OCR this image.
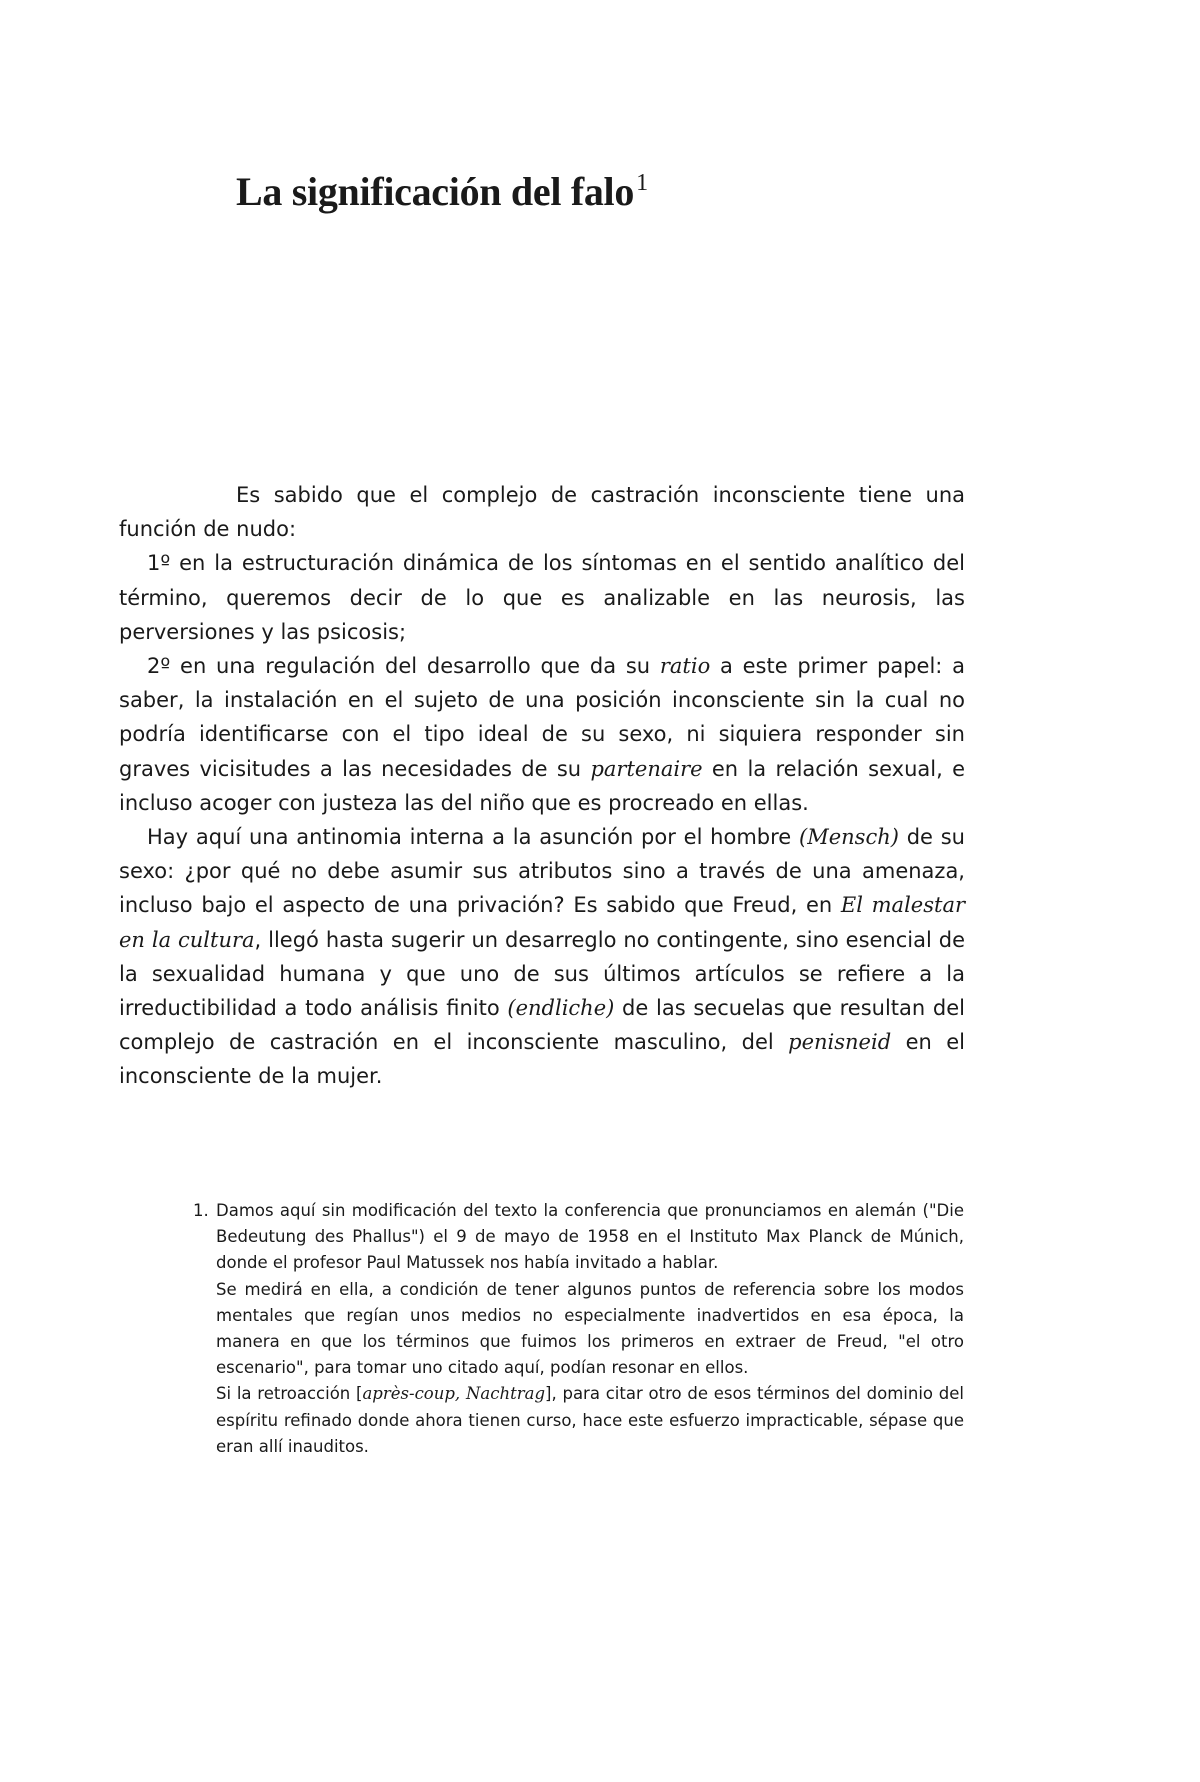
La significación del falo$^1$

Es sabido que el complejo de castración inconsciente tiene una función de nudo:

1º en la estructuración dinámica de los síntomas en el sentido analítico del término, queremos decir de lo que es analizable en las neurosis, las perversiones y las psicosis;

2º en una regulación del desarrollo que da su ratio a este primer papel: a saber, la instalación en el sujeto de una posición inconsciente sin la cual no podría identificarse con el tipo ideal de su sexo, ni siquiera responder sin graves vicisitudes a las necesidades de su partenaire en la relación sexual, e incluso acoger con justeza las del niño que es procreado en ellas.

Hay aquí una antinomia interna a la asunción por el hombre (Mensch) de su sexo: ¿por qué no debe asumir sus atributos sino a través de una amenaza, incluso bajo el aspecto de una privación? Es sabido que Freud, en El malestar en la cultura, llegó hasta sugerir un desarreglo no contingente, sino esencial de la sexualidad humana y que uno de sus últimos artículos se refiere a la irreductibilidad a todo análisis finito (endliche) de las secuelas que resultan del complejo de castración en el inconsciente masculino, del penisneid en el inconsciente de la mujer.

1. Damos aquí sin modificación del texto la conferencia que pronunciamos en alemán ("Die Bedeutung des Phallus") el 9 de mayo de 1958 en el Instituto Max Planck de Múnich, donde el profesor Paul Matussek nos había invitado a hablar.

Se medirá en ella, a condición de tener algunos puntos de referencia sobre los modos mentales que regían unos medios no especialmente inadvertidos en esa época, la manera en que los términos que fuimos los primeros en extraer de Freud, "el otro escenario", para tomar uno citado aquí, podían resonar en ellos.

Si la retroacción [après-coup, Nachtrag], para citar otro de esos términos del dominio del espíritu refinado donde ahora tienen curso, hace este esfuerzo impracticable, sépase que eran allí inauditos.
